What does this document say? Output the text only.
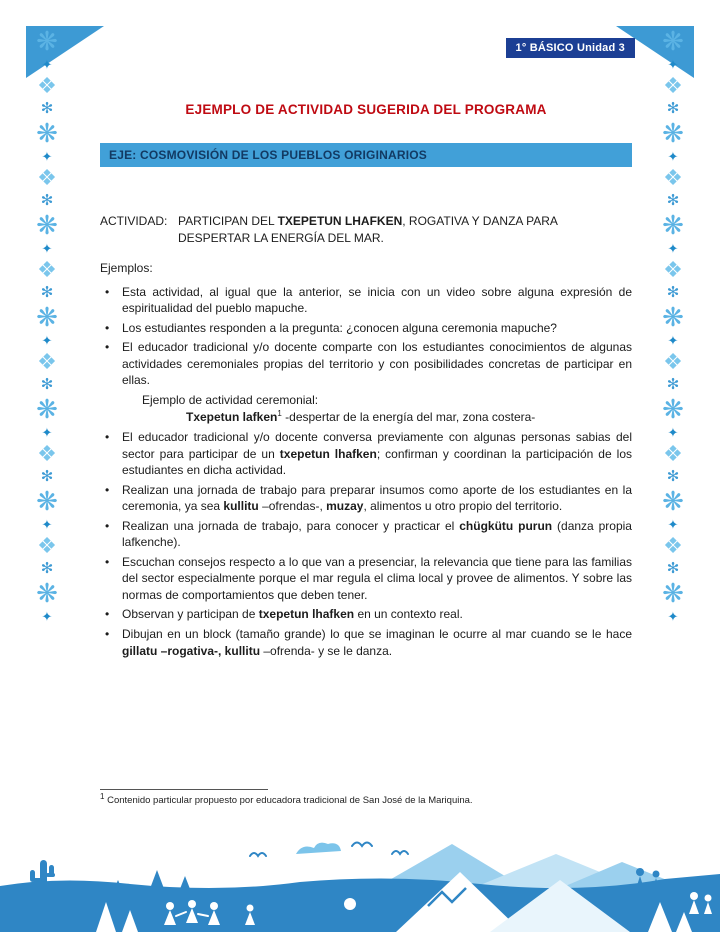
❋
✦
❖
✻
❋
✦
❖
✻
❋
✦
❖
✻
❋
✦
❖
✻
❋
✦
❖
✻
❋
✦
❖
✻
❋
✦
❋
✦
❖
✻
❋
✦
❖
✻
❋
✦
❖
✻
❋
✦
❖
✻
❋
✦
❖
✻
❋
✦
❖
✻
❋
✦
1° BÁSICO Unidad 3
EJEMPLO DE ACTIVIDAD SUGERIDA DEL PROGRAMA
EJE: COSMOVISIÓN DE LOS PUEBLOS ORIGINARIOS
ACTIVIDAD: PARTICIPAN DEL TXEPETUN LHAFKEN, ROGATIVA Y DANZA PARA DESPERTAR LA ENERGÍA DEL MAR.
Ejemplos:
• Esta actividad, al igual que la anterior, se inicia con un video sobre alguna expresión de espiritualidad del pueblo mapuche.
• Los estudiantes responden a la pregunta: ¿conocen alguna ceremonia mapuche?
• El educador tradicional y/o docente comparte con los estudiantes conocimientos de algunas actividades ceremoniales propias del territorio y con posibilidades concretas de participar en ellas.
Ejemplo de actividad ceremonial:
Txepetun lafken$^1$ -despertar de la energía del mar, zona costera-
• El educador tradicional y/o docente conversa previamente con algunas personas sabias del sector para participar de un txepetun lhafken; confirman y coordinan la participación de los estudiantes en dicha actividad.
• Realizan una jornada de trabajo para preparar insumos como aporte de los estudiantes en la ceremonia, ya sea kullitu –ofrendas-, muzay, alimentos u otro propio del territorio.
• Realizan una jornada de trabajo, para conocer y practicar el chügkütu purun (danza propia lafkenche).
• Escuchan consejos respecto a lo que van a presenciar, la relevancia que tiene para las familias del sector especialmente porque el mar regula el clima local y provee de alimentos. Y sobre las normas de comportamientos que deben tener.
• Observan y participan de txepetun lhafken en un contexto real.
• Dibujan en un block (tamaño grande) lo que se imaginan le ocurre al mar cuando se le hace gillatu –rogativa-, kullitu –ofrenda- y se le danza.
$^1$ Contenido particular propuesto por educadora tradicional de San José de la Mariquina.
